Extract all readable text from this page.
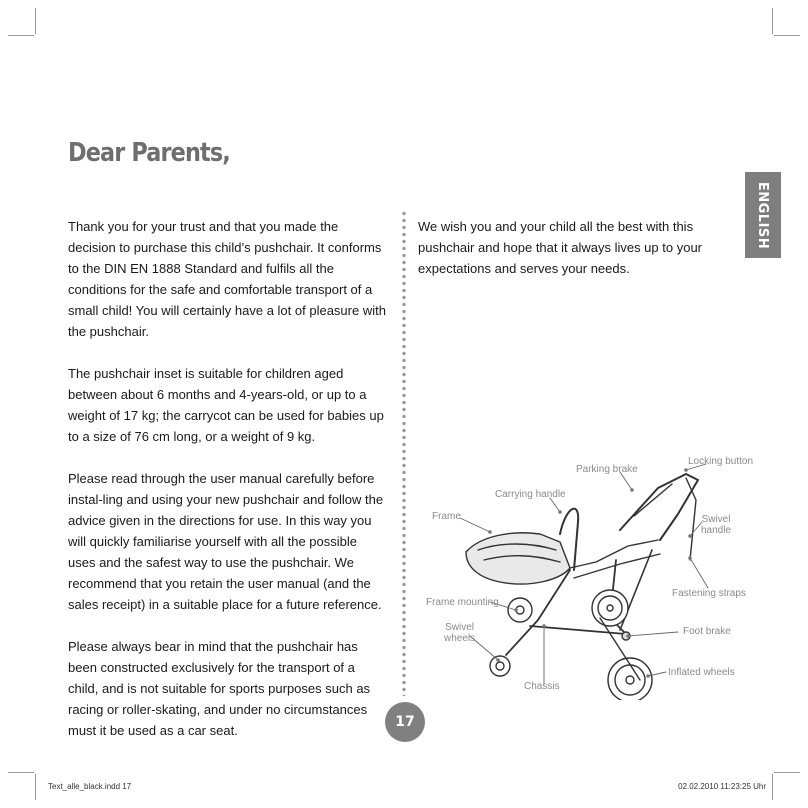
Dear Parents,
ENGLISH

Thank you for your trust and that you made the decision to purchase this child’s pushchair. It conforms to the DIN EN 1888 Standard and fulfils all the conditions for the safe and comfortable transport of a small child! You will certainly have a lot of pleasure with the pushchair.

The pushchair inset is suitable for children aged between about 6 months and 4-years-old, or up to a weight of 17 kg; the carrycot can be used for babies up to a size of 76 cm long, or a weight of 9 kg.

Please read through the user manual carefully before instal-ling and using your new pushchair and follow the advice given in the directions for use. In this way you will quickly familiarise yourself with all the possible uses and the safest way to use the pushchair. We recommend that you retain the user manual (and the sales receipt) in a suitable place for a future reference.

Please always bear in mind that the pushchair has been constructed exclusively for the transport of a child, and is not suitable for sports purposes such as racing or roller-skating, and under no circumstances must it be used as a car seat.

We wish you and your child all the best with this pushchair and hope that it always lives up to your expectations and serves your needs.

Locking button
Parking brake
Carrying handle
Frame	Swivel
handle
Fastening straps
Frame mounting
Swivel
wheels
Foot brake
Inflated wheels
Chassis
17
Text_alle_black.indd 17	02.02.2010 11:23:25 Uhr
